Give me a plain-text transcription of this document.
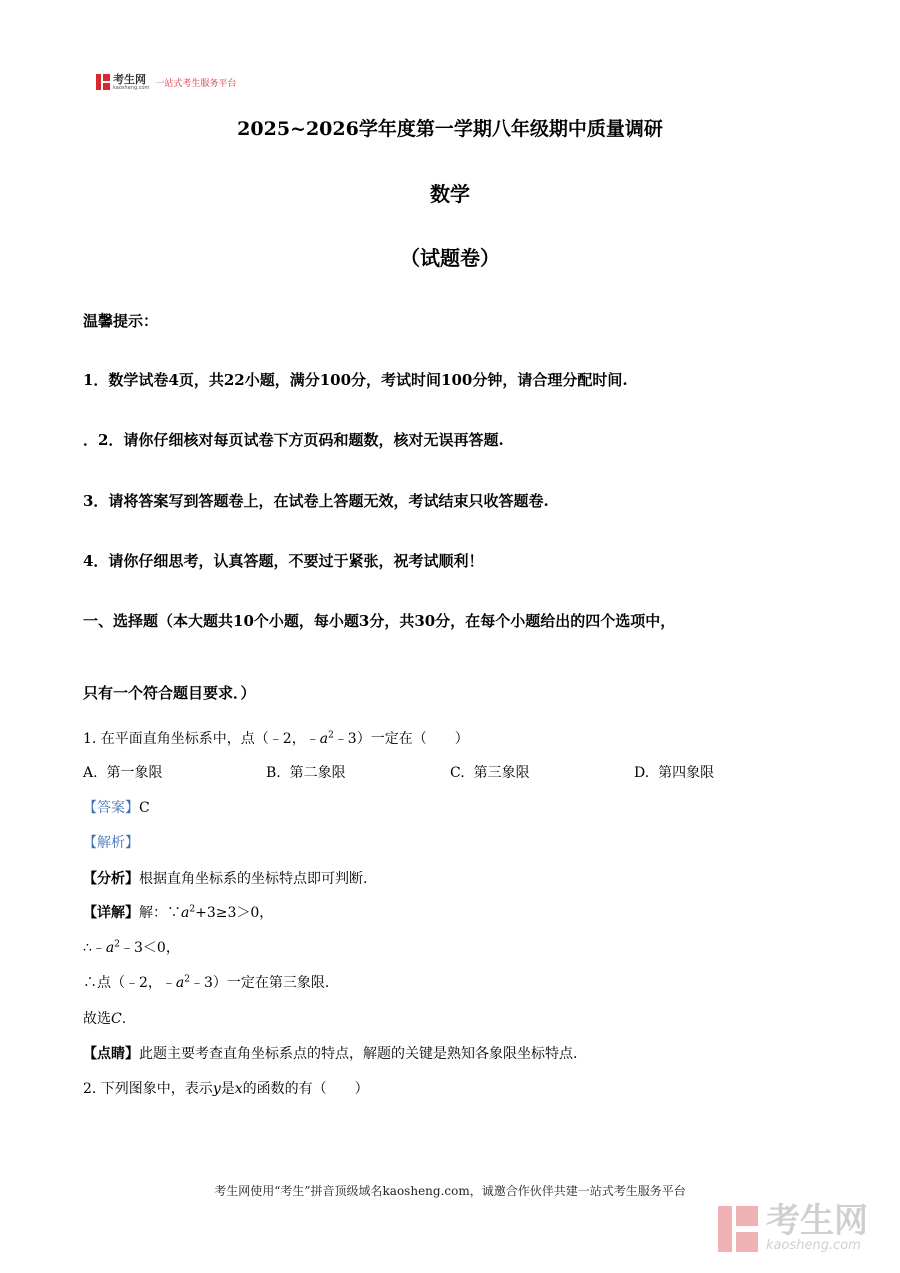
考生网
kaosheng.com 一站式考生服务平台
2025~2026学年度第一学期八年级期中质量调研
数学
（试题卷）
温馨提示：
1．数学试卷4页，共22小题，满分100分，考试时间100分钟，请合理分配时间.
．2．请你仔细核对每页试卷下方页码和题数，核对无误再答题.
3．请将答案写到答题卷上，在试卷上答题无效，考试结束只收答题卷.
4．请你仔细思考，认真答题，不要过于紧张，祝考试顺利！
一、选择题（本大题共10个小题，每小题3分，共30分，在每个小题给出的四个选项中，
只有一个符合题目要求．）
1. 在平面直角坐标系中，点（﹣2，$﹣a^2﹣3$）一定在（　　）
A. 第一象限	B. 第二象限	C. 第三象限	D. 第四象限
【答案】C
【解析】
【分析】根据直角坐标系的坐标特点即可判断.
【详解】解：$\because a^2+3\ge 3>0$，
$\therefore﹣a^2﹣3<0$，
∴点（﹣2，$﹣a^2﹣3$）一定在第三象限.
故选C.
【点睛】此题主要考查直角坐标系点的特点，解题的关键是熟知各象限坐标特点.
2. 下列图象中，表示y是x的函数的有（　　）
考生网使用“考生”拼音顶级域名kaosheng.com，诚邀合作伙伴共建一站式考生服务平台
考生网
kaosheng.com
